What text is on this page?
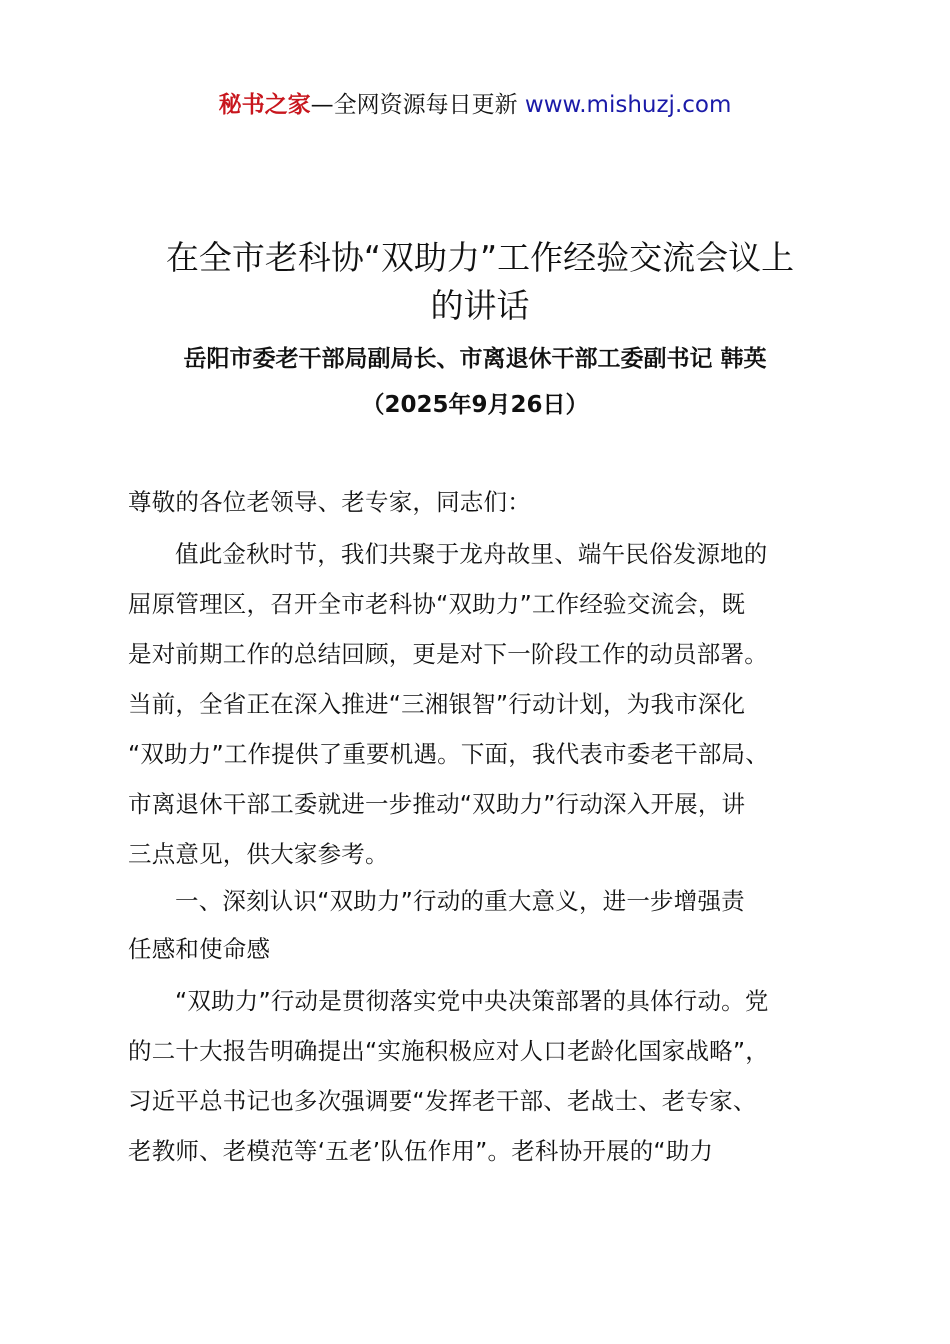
秘书之家—全网资源每日更新 www.mishuzj.com
在全市老科协“双助力”工作经验交流会议上
的讲话
岳阳市委老干部局副局长、市离退休干部工委副书记 韩英
（2025年9月26日）
尊敬的各位老领导、老专家，同志们：
值此金秋时节，我们共聚于龙舟故里、端午民俗发源地的
屈原管理区，召开全市老科协“双助力”工作经验交流会，既
是对前期工作的总结回顾，更是对下一阶段工作的动员部署。
当前，全省正在深入推进“三湘银智”行动计划，为我市深化
“双助力”工作提供了重要机遇。下面，我代表市委老干部局、
市离退休干部工委就进一步推动“双助力”行动深入开展，讲
三点意见，供大家参考。
一、深刻认识“双助力”行动的重大意义，进一步增强责
任感和使命感
“双助力”行动是贯彻落实党中央决策部署的具体行动。党
的二十大报告明确提出“实施积极应对人口老龄化国家战略”，
习近平总书记也多次强调要“发挥老干部、老战士、老专家、
老教师、老模范等‘五老’队伍作用”。老科协开展的“助力
